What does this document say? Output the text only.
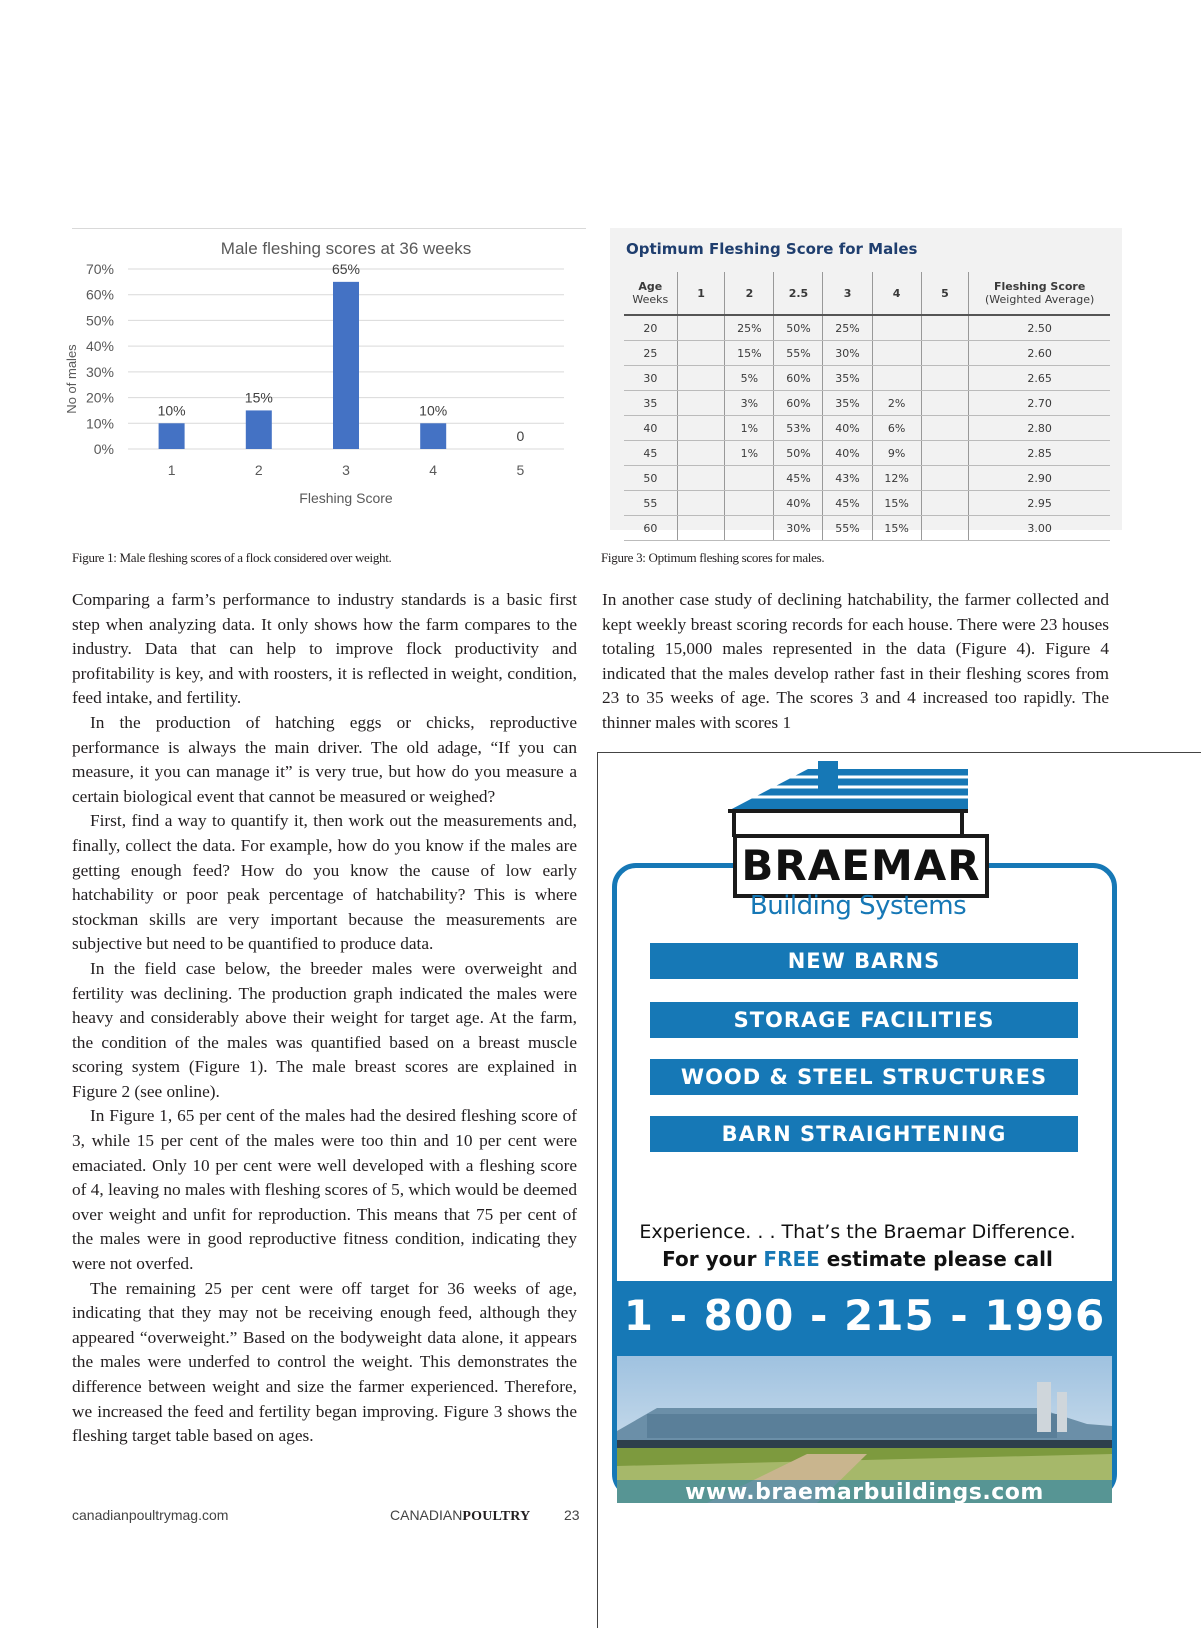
Male fleshing scores at 36 weeks
0%
10%
20%
30%
40%
50%
60%
70%
No of males	10%
1
15%
2
65%
3
10%
4
0
5
Fleshing Score
Figure 1: Male fleshing scores of a flock considered over weight.
Optimum Fleshing Score for Males
Age
Weeks	1	2	2.5	3	4	5	Fleshing Score
(Weighted Average)

20		25%	50%	25%			2.50
25		15%	55%	30%			2.60
30		5%	60%	35%			2.65
35		3%	60%	35%	2%		2.70
40		1%	53%	40%	6%		2.80
45		1%	50%	40%	9%		2.85
50			45%	43%	12%		2.90
55			40%	45%	15%		2.95
60			30%	55%	15%		3.00
Figure 3: Optimum fleshing scores for males.

Comparing a farm’s performance to industry standards is a basic first step when analyzing data. It only shows how the farm compares to the industry. Data that can help to improve flock productivity and profitability is key, and with roosters, it is reflected in weight, condition, feed intake, and fertility.

In the production of hatching eggs or chicks, reproductive performance is always the main driver. The old adage, “If you can measure, it you can manage it” is very true, but how do you measure a certain biological event that cannot be measured or weighed?

First, find a way to quantify it, then work out the measurements and, finally, collect the data. For example, how do you know if the males are getting enough feed? How do you know the cause of low early hatchability or poor peak percentage of hatchability? This is where stockman skills are very important because the measurements are subjective but need to be quantified to produce data.

In the field case below, the breeder males were overweight and fertility was declining. The production graph indicated the males were heavy and considerably above their weight for target age. At the farm, the condition of the males was quantified based on a breast muscle scoring system (Figure 1). The male breast scores are explained in Figure 2 (see online).

In Figure 1, 65 per cent of the males had the desired fleshing score of 3, while 15 per cent of the males were too thin and 10 per cent were emaciated. Only 10 per cent were well developed with a fleshing score of 4, leaving no males with fleshing scores of 5, which would be deemed over weight and unfit for reproduction. This means that 75 per cent of the males were in good reproductive fitness condition, indicating they were not overfed.

The remaining 25 per cent were off target for 36 weeks of age, indicating that they may not be receiving enough feed, although they appeared “overweight.” Based on the bodyweight data alone, it appears the males were underfed to control the weight. This demonstrates the difference between weight and size the farmer experienced. Therefore, we increased the feed and fertility began improving. Figure 3 shows the fleshing target table based on ages.

In another case study of declining hatchability, the farmer collected and kept weekly breast scoring records for each house. There were 23 houses totaling 15,000 males represented in the data (Figure 4). Figure 4 indicated that the males develop rather fast in their fleshing scores from 23 to 35 weeks of age. The scores 3 and 4 increased too rapidly. The thinner males with scores 1

canadianpoultrymag.com	CANADIANPOULTRY 23
BRAEMAR
Building Systems
NEW BARNS
STORAGE FACILITIES
WOOD & STEEL STRUCTURES
BARN STRAIGHTENING
Experience. . . That’s the Braemar Difference.
For your FREE estimate please call
1 - 800 - 215 - 1996
www.braemarbuildings.com
